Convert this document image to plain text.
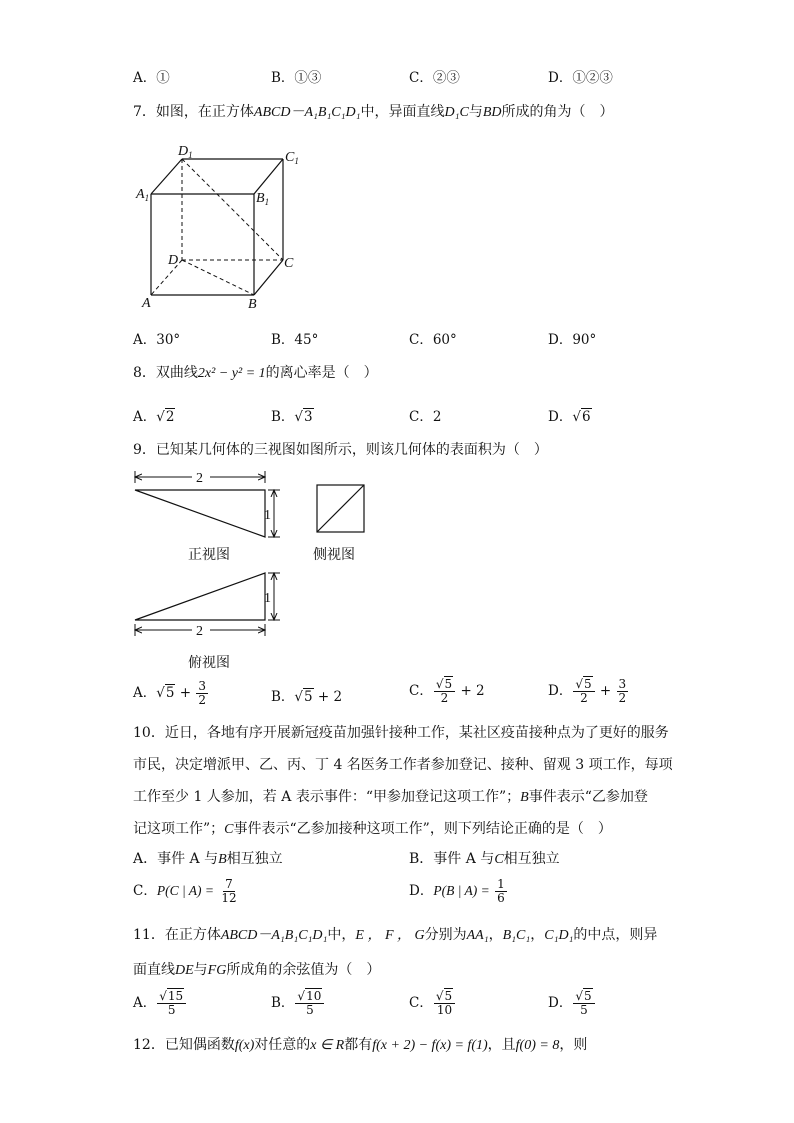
A．①	B．①③	C．②③	D．①②③
7．如图，在正方体ABCD－A₁B₁C₁D₁中，异面直线D₁C与BD所成的角为（　）
$D_1$	$C_1$
$A_1$	$B_1$
D	C
A	B
A．30°	B．45°	C．60°	D．90°
8．双曲线2x² − y² = 1的离心率是（　）
A．√2	B．√3	C．2	D．√6
9．已知某几何体的三视图如图所示，则该几何体的表面积为（　）
2
1
1
2
正视图	侧视图
俯视图
A．$√5 + \frac{3}{2}$	B．√5 + 2	C． $\frac{√5}{2} + 2$	D． $\frac{√5}{2} + \frac{3}{2}$
10．近日，各地有序开展新冠疫苗加强针接种工作，某社区疫苗接种点为了更好的服务
市民，决定增派甲、乙、丙、丁 4 名医务工作者参加登记、接种、留观 3 项工作，每项
工作至少 1 人参加，若 A 表示事件：“甲参加登记这项工作”；B事件表示“乙参加登
记这项工作”；C事件表示“乙参加接种这项工作”，则下列结论正确的是（　）
A．事件 A 与B相互独立	B．事件 A 与C相互独立
C．P(C | $A) = \frac{7}{12}$	D．P(B | $A) = \frac{1}{6}$
11．在正方体ABCD－A₁B₁C₁D₁中，E ， F ， G分别为AA₁，B₁C₁，C₁D₁的中点，则异
面直线DE与FG所成角的余弦值为（　）
A． $\frac{√15}{5}$	B． $\frac{√10}{5}$	C． $\frac{√5}{10}$	D． $\frac{√5}{5}$
12．已知偶函数f(x)对任意的x ∈ R都有f(x + 2) − f(x) = f(1)，且f(0) = 8，则
